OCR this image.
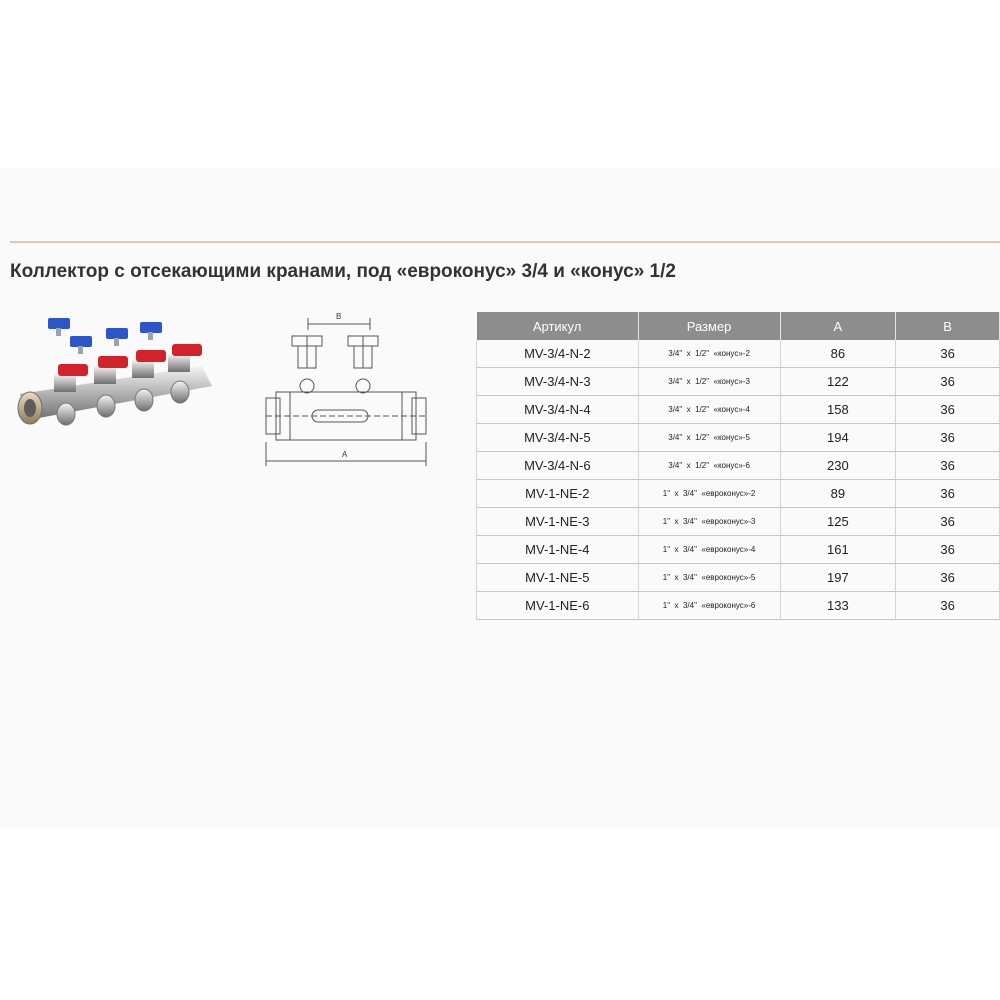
Коллектор с отсекающими кранами, под «евроконус» 3/4 и «конус» 1/2
B
A
Артикул	Размер	A	B
MV-3/4-N-2	3/4"  x  1/2"  «конус»-2	86	36
MV-3/4-N-3	3/4"  x  1/2"  «конус»-3	122	36
MV-3/4-N-4	3/4"  x  1/2"  «конус»-4	158	36
MV-3/4-N-5	3/4"  x  1/2"  «конус»-5	194	36
MV-3/4-N-6	3/4"  x  1/2"  «конус»-6	230	36
MV-1-NE-2	1"  x  3/4"  «евроконус»-2	89	36
MV-1-NE-3	1"  x  3/4"  «евроконус»-3	125	36
MV-1-NE-4	1"  x  3/4"  «евроконус»-4	161	36
MV-1-NE-5	1"  x  3/4"  «евроконус»-5	197	36
MV-1-NE-6	1"  x  3/4"  «евроконус»-6	133	36
